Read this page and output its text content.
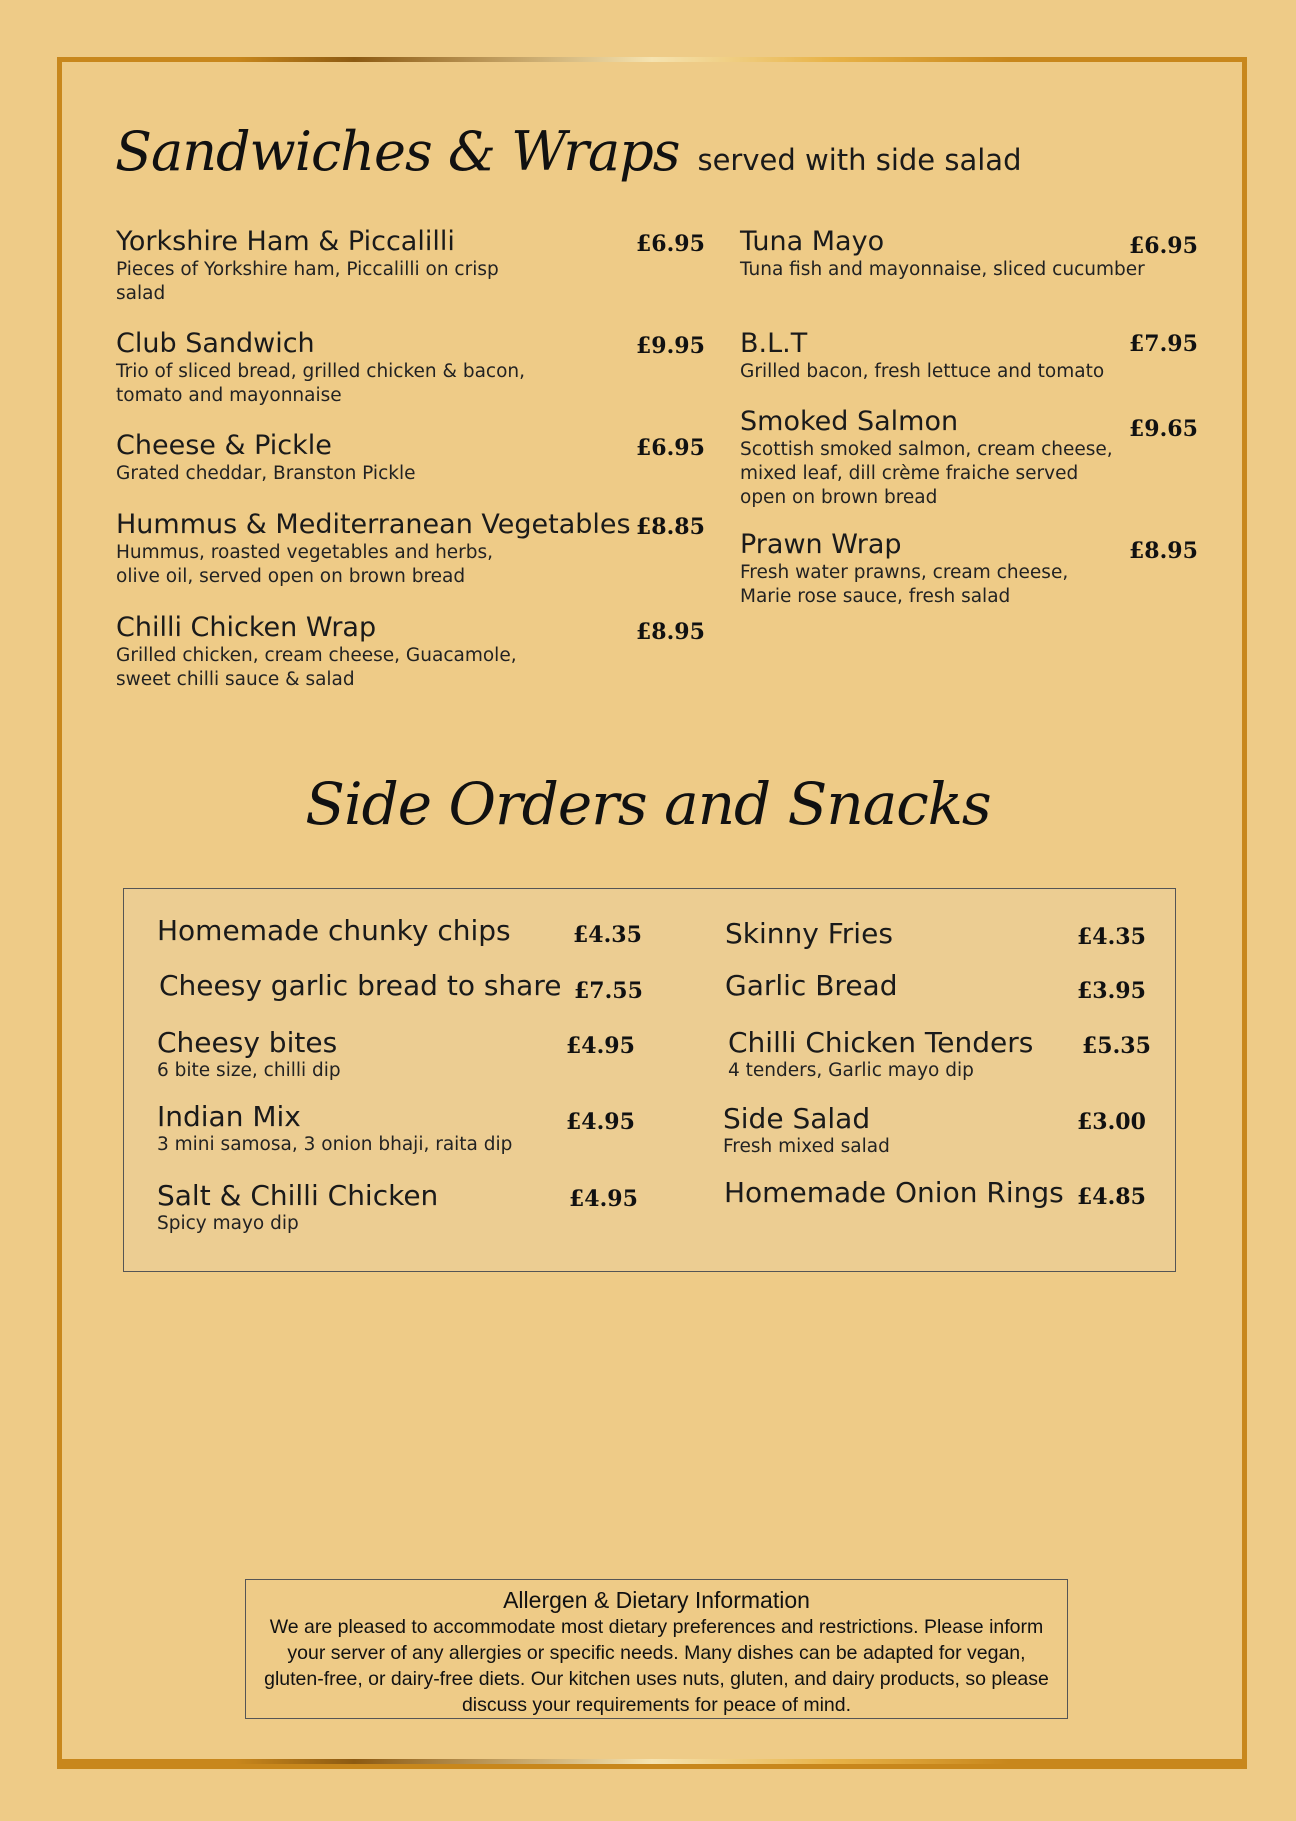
Sandwiches & Wraps served with side salad
Yorkshire Ham & Piccalilli
Pieces of Yorkshire ham, Piccalilli on crisp salad
£6.95
Club Sandwich
Trio of sliced bread, grilled chicken & bacon, tomato and mayonnaise
£9.95
Cheese & Pickle
Grated cheddar, Branston Pickle
£6.95
Hummus & Mediterranean Vegetables
Hummus, roasted vegetables and herbs, olive oil, served open on brown bread
£8.85
Chilli Chicken Wrap
Grilled chicken, cream cheese, Guacamole, sweet chilli sauce & salad
£8.95
Tuna Mayo
Tuna fish and mayonnaise, sliced cucumber
£6.95
B.L.T
Grilled bacon, fresh lettuce and tomato
£7.95
Smoked Salmon
Scottish smoked salmon, cream cheese, mixed leaf, dill crème fraiche served open on brown bread
£9.65
Prawn Wrap
Fresh water prawns, cream cheese, Marie rose sauce, fresh salad
£8.95
Side Orders and Snacks
Homemade chunky chips	£4.35
Cheesy garlic bread to share £7.55
Cheesy bites
6 bite size, chilli dip
£4.95
Indian Mix
3 mini samosa, 3 onion bhaji, raita dip
£4.95
Salt & Chilli Chicken
Spicy mayo dip
£4.95
Skinny Fries	£4.35
Garlic Bread	£3.95
Chilli Chicken Tenders
4 tenders, Garlic mayo dip
£5.35
Side Salad
Fresh mixed salad
£3.00
Homemade Onion Rings £4.85
Allergen & Dietary Information
We are pleased to accommodate most dietary preferences and restrictions. Please inform your server of any allergies or specific needs. Many dishes can be adapted for vegan, gluten-free, or dairy-free diets. Our kitchen uses nuts, gluten, and dairy products, so please discuss your requirements for peace of mind.
